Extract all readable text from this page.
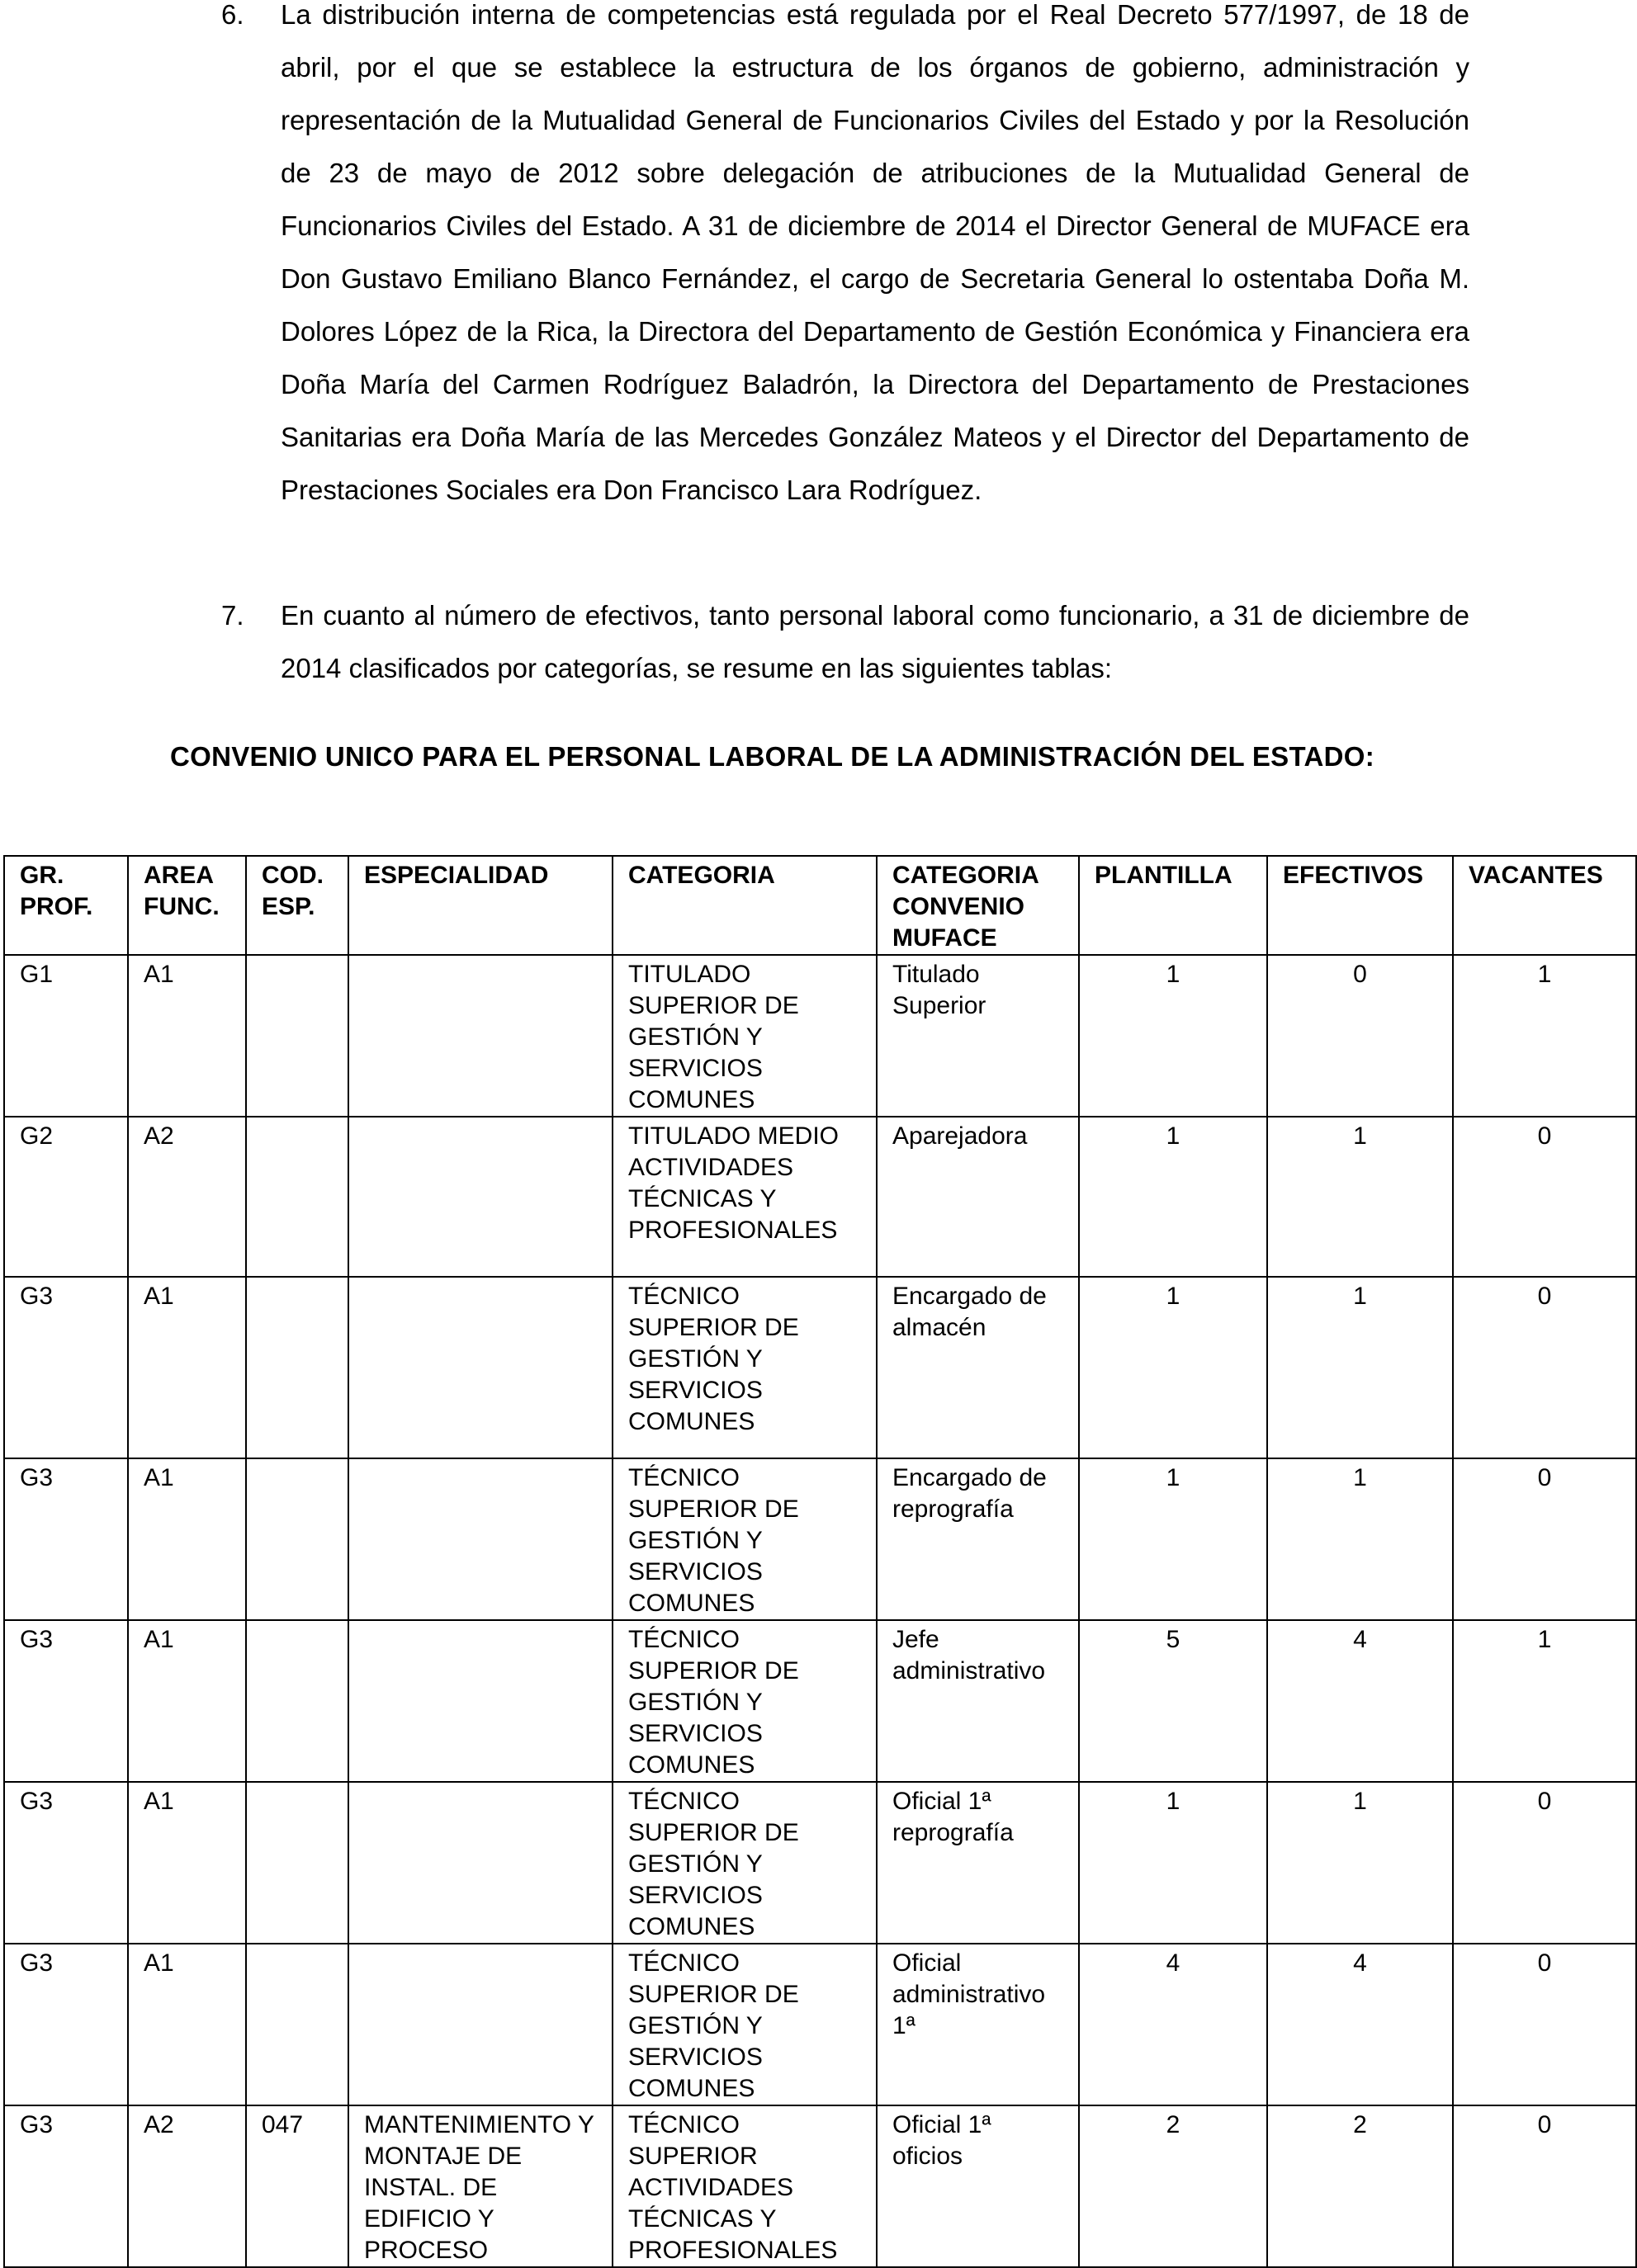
6.	La distribución interna de competencias está regulada por el Real Decreto 577/1997, de 18 de abril, por el que se establece la estructura de los órganos de gobierno, administración y representación de la Mutualidad General de Funcionarios Civiles del Estado y por la Resolución de 23 de mayo de 2012 sobre delegación de atribuciones de la Mutualidad General de Funcionarios Civiles del Estado. A 31 de diciembre de 2014 el Director General de MUFACE era Don Gustavo Emiliano Blanco Fernández, el cargo de Secretaria General lo ostentaba Doña M. Dolores López de la Rica, la Directora del Departamento de Gestión Económica y Financiera era Doña María del Carmen Rodríguez Baladrón, la Directora del Departamento de Prestaciones Sanitarias era Doña María de las Mercedes González Mateos y el Director del Departamento de Prestaciones Sociales era Don Francisco Lara Rodríguez.
7.	En cuanto al número de efectivos, tanto personal laboral como funcionario, a 31 de diciembre de 2014 clasificados por categorías, se resume en las siguientes tablas:
CONVENIO UNICO PARA EL PERSONAL LABORAL DE LA ADMINISTRACIÓN DEL ESTADO:
GR. PROF.	AREA FUNC.	COD. ESP.	ESPECIALIDAD	CATEGORIA	CATEGORIA CONVENIO MUFACE	PLANTILLA	EFECTIVOS	VACANTES
G1	A1			TITULADO SUPERIOR DE GESTIÓN Y SERVICIOS COMUNES	Titulado Superior	1	0	1
G2	A2			TITULADO MEDIO ACTIVIDADES TÉCNICAS Y PROFESIONALES	Aparejadora	1	1	0
G3	A1			TÉCNICO SUPERIOR DE GESTIÓN Y SERVICIOS COMUNES	Encargado de almacén	1	1	0
G3	A1			TÉCNICO SUPERIOR DE GESTIÓN Y SERVICIOS COMUNES	Encargado de reprografía	1	1	0
G3	A1			TÉCNICO SUPERIOR DE GESTIÓN Y SERVICIOS COMUNES	Jefe administrativo	5	4	1
G3	A1			TÉCNICO SUPERIOR DE GESTIÓN Y SERVICIOS COMUNES	Oficial 1ª reprografía	1	1	0
G3	A1			TÉCNICO SUPERIOR DE GESTIÓN Y SERVICIOS COMUNES	Oficial administrativo 1ª	4	4	0
G3	A2	047	MANTENIMIENTO Y MONTAJE DE INSTAL. DE EDIFICIO Y PROCESO	TÉCNICO SUPERIOR ACTIVIDADES TÉCNICAS Y PROFESIONALES	Oficial 1ª oficios	2	2	0
